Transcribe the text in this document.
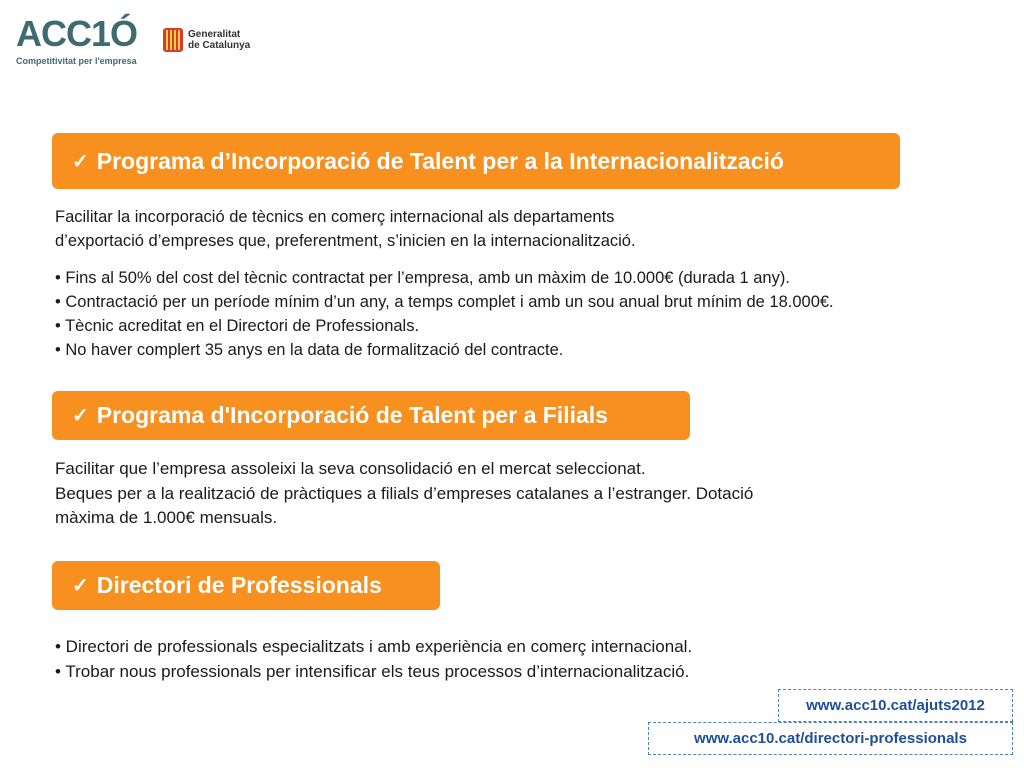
ACC1Ó
Competitivitat per l'empresa
Generalitat
de Catalunya
✓ Programa d’Incorporació de Talent per a la Internacionalització
Facilitar la incorporació de tècnics en comerç internacional als departaments
d’exportació d’empreses que, preferentment, s’inicien en la internacionalització.
• Fins al 50% del cost del tècnic contractat per l’empresa, amb un màxim de 10.000€ (durada 1 any).
• Contractació per un període mínim d’un any, a temps complet i amb un sou anual brut mínim de 18.000€.
• Tècnic acreditat en el Directori de Professionals.
• No haver complert 35 anys en la data de formalització del contracte.
✓ Programa d'Incorporació de Talent per a Filials
Facilitar que l’empresa assoleixi la seva consolidació en el mercat seleccionat.
Beques per a la realització de pràctiques a filials d’empreses catalanes a l’estranger. Dotació
màxima de 1.000€ mensuals.
✓ Directori de Professionals
• Directori de professionals especialitzats i amb experiència en comerç internacional.
• Trobar nous professionals per intensificar els teus processos d’internacionalització.
www.acc10.cat/ajuts2012
www.acc10.cat/directori-professionals
